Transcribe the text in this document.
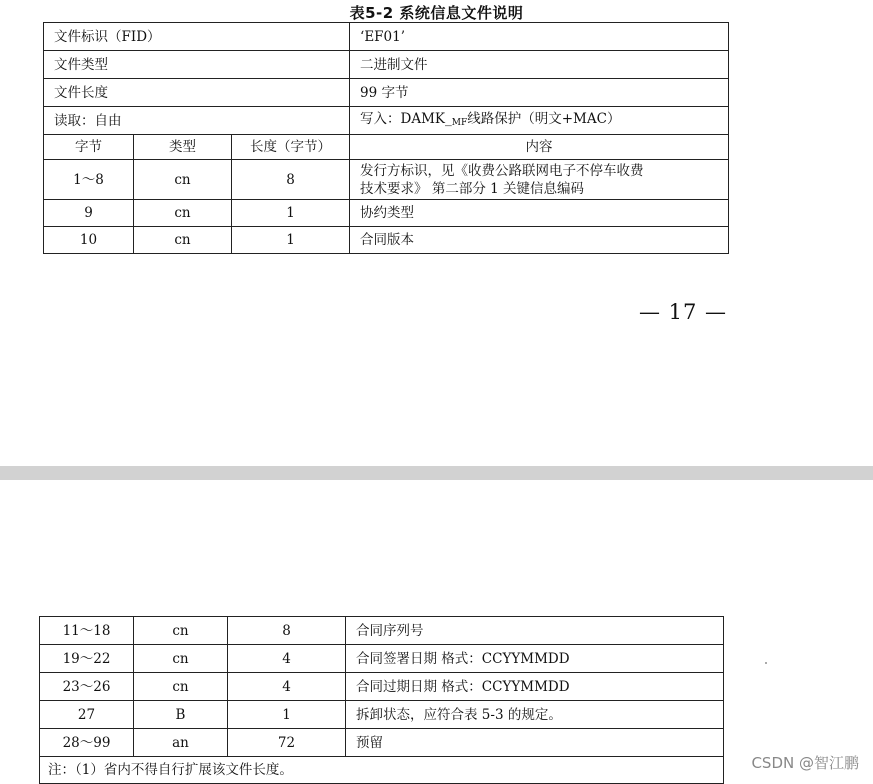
表5-2 系统信息文件说明
文件标识（FID）			‘EF01’
文件类型			二进制文件
文件长度			99 字节
读取：自由			写入：$DAMK\__{MF}$线路保护（明文+MAC）
字节	类型	长度（字节）	内容
1～8	cn	8	发行方标识，见《收费公路联网电子不停车收费
技术要求》 第二部分 1 关键信息编码

9	cn	1	协约类型
10	cn	1	合同版本
— 17 —
11～18	cn	8	合同序列号
19～22	cn	4	合同签署日期 格式：CCYYMMDD
23～26	cn	4	合同过期日期 格式：CCYYMMDD
27	B	1	拆卸状态，应符合表 5-3 的规定。
28～99	an	72	预留
注：（1）省内不得自行扩展该文件长度。				CSDN @智江鹏
